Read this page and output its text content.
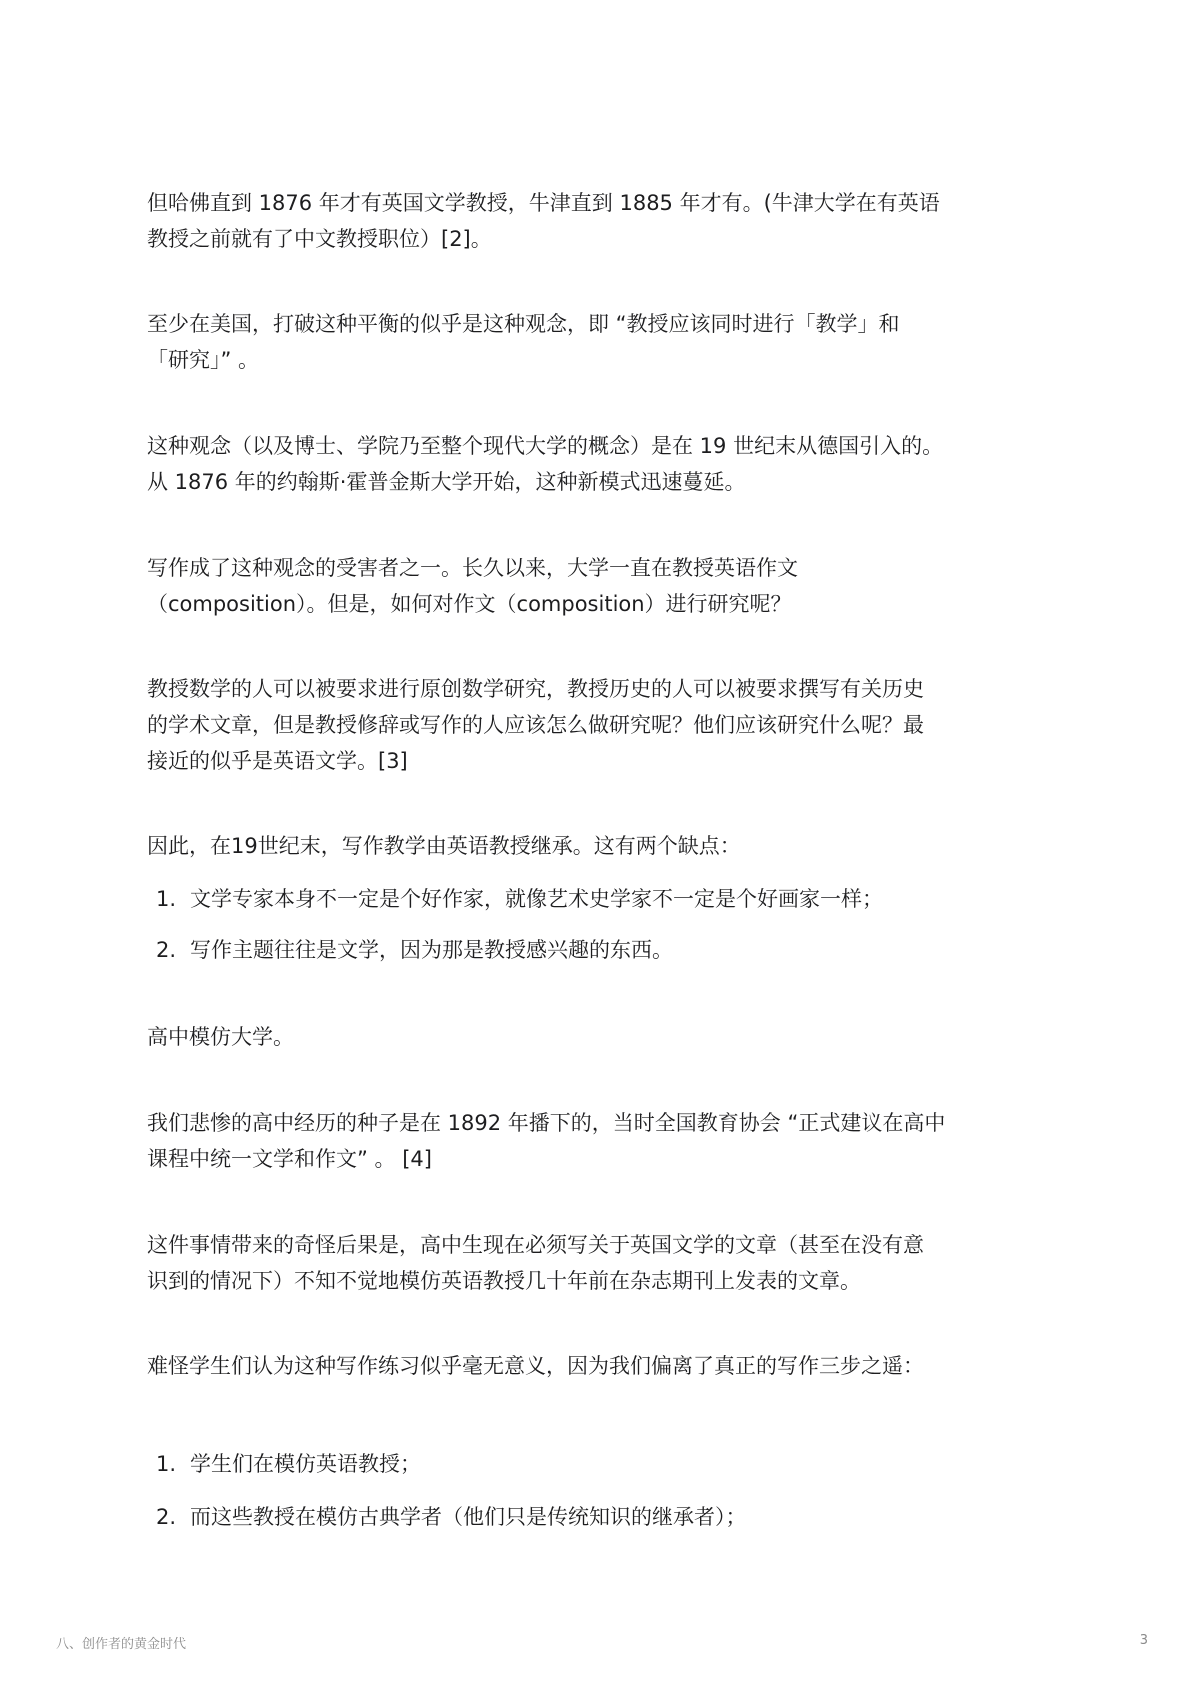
但哈佛直到 1876 年才有英国文学教授，牛津直到 1885 年才有。(牛津大学在有英语
教授之前就有了中文教授职位）[2]。
至少在美国，打破这种平衡的似乎是这种观念，即 “教授应该同时进行「教学」和
「研究」” 。
这种观念（以及博士、学院乃至整个现代大学的概念）是在 19 世纪末从德国引入的。
从 1876 年的约翰斯·霍普金斯大学开始，这种新模式迅速蔓延。
写作成了这种观念的受害者之一。长久以来，大学一直在教授英语作文
（composition）。但是，如何对作文（composition）进行研究呢？
教授数学的人可以被要求进行原创数学研究，教授历史的人可以被要求撰写有关历史
的学术文章，但是教授修辞或写作的人应该怎么做研究呢？他们应该研究什么呢？最
接近的似乎是英语文学。[3]
因此，在19世纪末，写作教学由英语教授继承。这有两个缺点：
1. 文学专家本身不一定是个好作家，就像艺术史学家不一定是个好画家一样；
2. 写作主题往往是文学，因为那是教授感兴趣的东西。
高中模仿大学。
我们悲惨的高中经历的种子是在 1892 年播下的，当时全国教育协会 “正式建议在高中
课程中统一文学和作文” 。 [4]
这件事情带来的奇怪后果是，高中生现在必须写关于英国文学的文章（甚至在没有意
识到的情况下）不知不觉地模仿英语教授几十年前在杂志期刊上发表的文章。
难怪学生们认为这种写作练习似乎毫无意义，因为我们偏离了真正的写作三步之遥：
1. 学生们在模仿英语教授；
2. 而这些教授在模仿古典学者（他们只是传统知识的继承者）；
八、创作者的黄金时代	3
